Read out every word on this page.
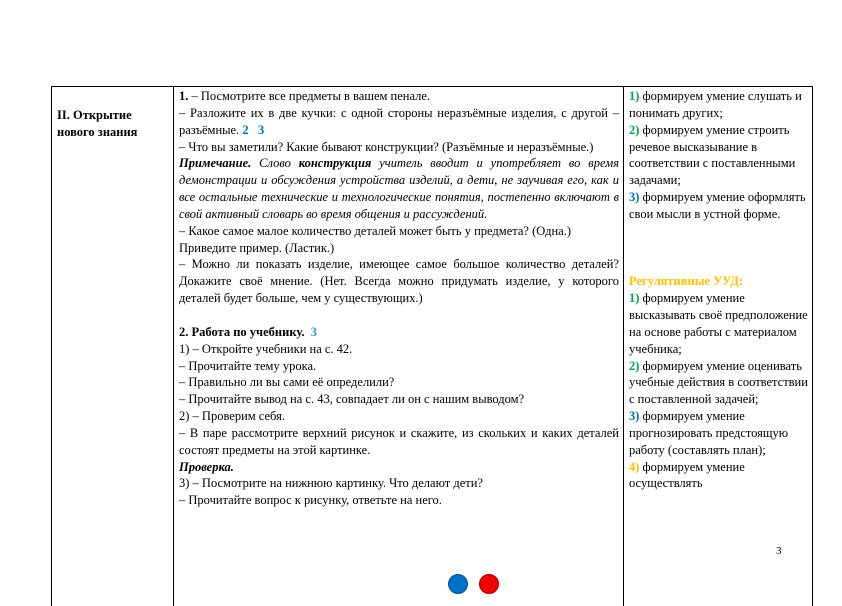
II. Открытие нового знания

1. – Посмотрите все предметы в вашем пенале.

– Разложите их в две кучки: с одной стороны неразъёмные изделия, с другой – разъёмные. 2 3

– Что вы заметили? Какие бывают конструкции? (Разъёмные и неразъёмные.)

Примечание. Слово конструкция учитель вводит и употребляет во время демонстрации и обсуждения устройства изделий, а дети, не заучивая его, как и все остальные технические и технологические понятия, постепенно включают в свой активный словарь во время общения и рассуждений.

– Какое самое малое количество деталей может быть у предмета? (Одна.) Приведите пример. (Ластик.)

– Можно ли показать изделие, имеющее самое большое количество деталей? Докажите своё мнение. (Нет. Всегда можно придумать изделие, у которого деталей будет больше, чем у существующих.)

2. Работа по учебнику. 3

1) – Откройте учебники на с. 42.

– Прочитайте тему урока.

– Правильно ли вы сами её определили?

– Прочитайте вывод на с. 43, совпадает ли он с нашим выводом?

2) – Проверим себя.

– В паре рассмотрите верхний рисунок и скажите, из скольких и каких деталей состоят предметы на этой картинке.

Проверка.

3) – Посмотрите на нижнюю картинку. Что делают дети?

– Прочитайте вопрос к рисунку, ответьте на него.

1) формируем умение слушать и понимать других;

2) формируем умение строить речевое высказывание в соответствии с поставленными задачами;

3) формируем умение оформлять свои мысли в устной форме.

Регулятивные УУД:

1) формируем умение высказывать своё предположение на основе работы с материалом учебника;

2) формируем умение оценивать учебные действия в соответствии с поставленной задачей;

3) формируем умение прогнозировать предстоящую работу (составлять план);

4) формируем умение осуществлять

3
